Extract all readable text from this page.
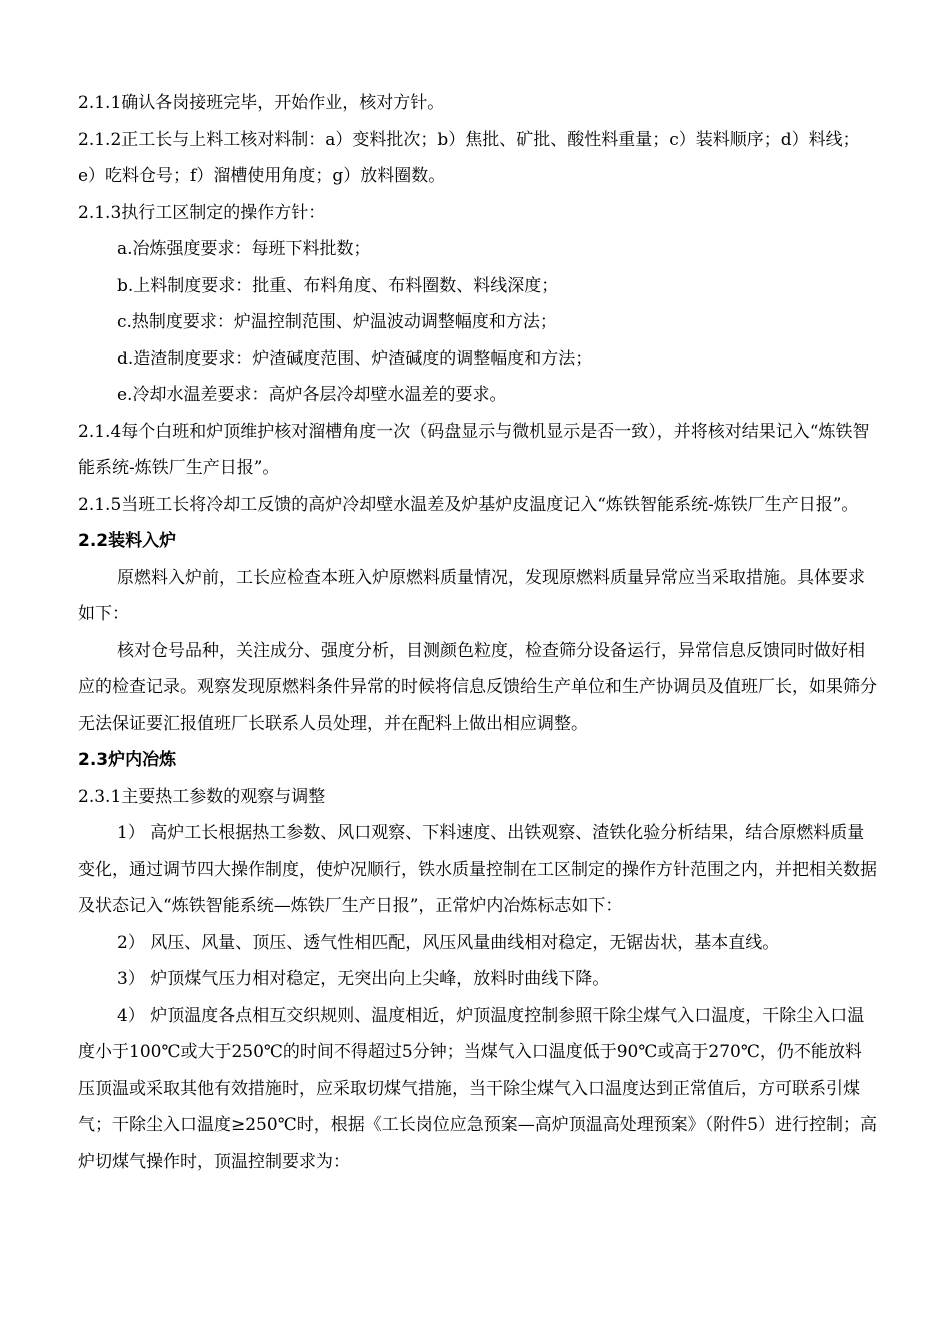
2.1.1确认各岗接班完毕，开始作业，核对方针。

2.1.2正工长与上料工核对料制：a）变料批次；b）焦批、矿批、酸性料重量；c）装料顺序；d）料线；e）吃料仓号；f）溜槽使用角度；g）放料圈数。

2.1.3执行工区制定的操作方针：

a.冶炼强度要求：每班下料批数；

b.上料制度要求：批重、布料角度、布料圈数、料线深度；

c.热制度要求：炉温控制范围、炉温波动调整幅度和方法；

d.造渣制度要求：炉渣碱度范围、炉渣碱度的调整幅度和方法；

e.冷却水温差要求：高炉各层冷却壁水温差的要求。

2.1.4每个白班和炉顶维护核对溜槽角度一次（码盘显示与微机显示是否一致），并将核对结果记入“炼铁智能系统-炼铁厂生产日报”。

2.1.5当班工长将冷却工反馈的高炉冷却壁水温差及炉基炉皮温度记入“炼铁智能系统-炼铁厂生产日报”。

2.2装料入炉

原燃料入炉前，工长应检查本班入炉原燃料质量情况，发现原燃料质量异常应当采取措施。具体要求如下：

核对仓号品种，关注成分、强度分析，目测颜色粒度，检查筛分设备运行，异常信息反馈同时做好相应的检查记录。观察发现原燃料条件异常的时候将信息反馈给生产单位和生产协调员及值班厂长，如果筛分无法保证要汇报值班厂长联系人员处理，并在配料上做出相应调整。

2.3炉内冶炼

2.3.1主要热工参数的观察与调整

1） 高炉工长根据热工参数、风口观察、下料速度、出铁观察、渣铁化验分析结果，结合原燃料质量变化，通过调节四大操作制度，使炉况顺行，铁水质量控制在工区制定的操作方针范围之内，并把相关数据及状态记入“炼铁智能系统—炼铁厂生产日报”，正常炉内冶炼标志如下：

2） 风压、风量、顶压、透气性相匹配，风压风量曲线相对稳定，无锯齿状，基本直线。

3） 炉顶煤气压力相对稳定，无突出向上尖峰，放料时曲线下降。

4） 炉顶温度各点相互交织规则、温度相近，炉顶温度控制参照干除尘煤气入口温度，干除尘入口温度小于100℃或大于250℃的时间不得超过5分钟；当煤气入口温度低于90℃或高于270℃，仍不能放料压顶温或采取其他有效措施时，应采取切煤气措施，当干除尘煤气入口温度达到正常值后，方可联系引煤气；干除尘入口温度≥250℃时，根据《工长岗位应急预案—高炉顶温高处理预案》（附件5）进行控制；高炉切煤气操作时，顶温控制要求为：
